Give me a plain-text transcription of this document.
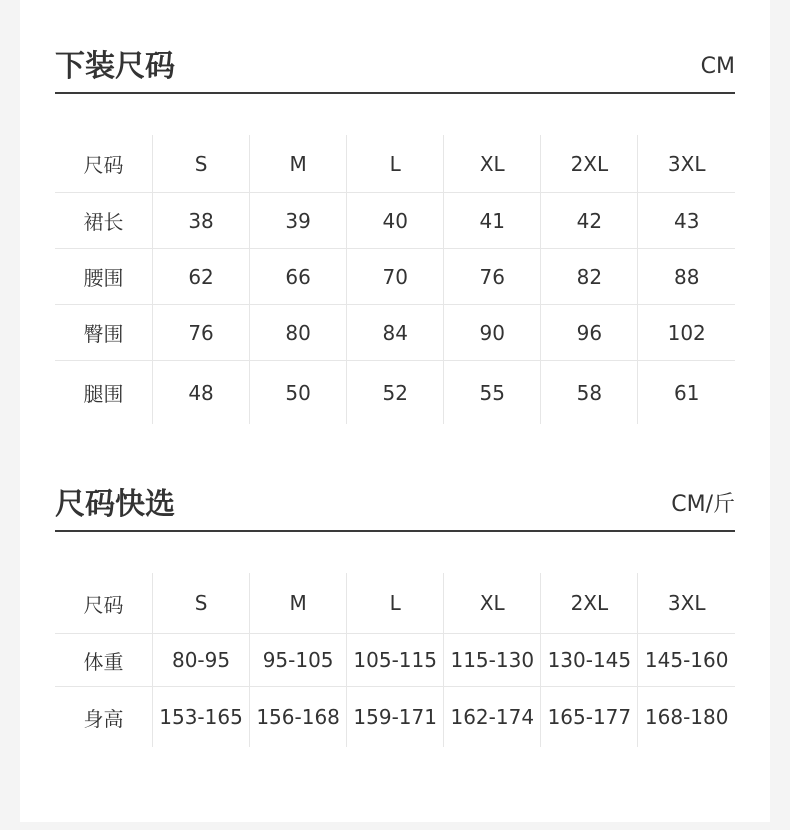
下装尺码	CM
尺码	S	M	L	XL	2XL	3XL
裙长	38	39	40	41	42	43
腰围	62	66	70	76	82	88
臀围	76	80	84	90	96	102
腿围	48	50	52	55	58	61
尺码快选	CM/斤
尺码	S	M	L	XL	2XL	3XL
体重	80-95	95-105	105-115	115-130	130-145	145-160
身高	153-165	156-168	159-171	162-174	165-177	168-180
